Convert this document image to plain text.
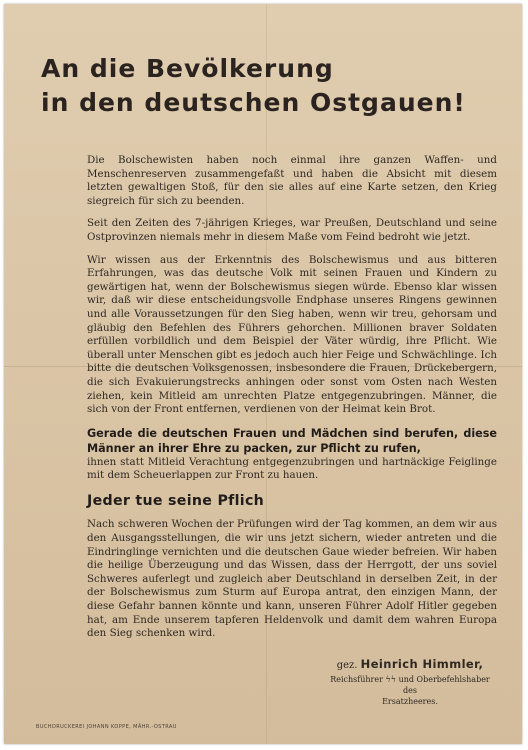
An die Bevölkerung
in den deutschen Ostgauen!

Die Bolschewisten haben noch einmal ihre ganzen Waffen- und Menschenreserven zusammengefaßt und haben die Absicht mit diesem letzten gewaltigen Stoß, für den sie alles auf eine Karte setzen, den Krieg siegreich für sich zu beenden.

Seit den Zeiten des 7-jährigen Krieges, war Preußen, Deutschland und seine Ostprovinzen niemals mehr in diesem Maße vom Feind bedroht wie jetzt.

Wir wissen aus der Erkenntnis des Bolschewismus und aus bitteren Erfahrungen, was das deutsche Volk mit seinen Frauen und Kindern zu gewärtigen hat, wenn der Bolschewismus siegen würde. Ebenso klar wissen wir, daß wir diese entscheidungsvolle Endphase unseres Ringens gewinnen und alle Voraussetzungen für den Sieg haben, wenn wir treu, gehorsam und gläubig den Befehlen des Führers gehorchen. Millionen braver Soldaten erfüllen vorbildlich und dem Beispiel der Väter würdig, ihre Pflicht. Wie überall unter Menschen gibt es jedoch auch hier Feige und Schwächlinge. Ich bitte die deutschen Volksgenossen, insbesondere die Frauen, Drückebergern, die sich Evakuierungstrecks anhingen oder sonst vom Osten nach Westen ziehen, kein Mitleid am unrechten Platze entgegenzubringen. Männer, die sich von der Front entfernen, verdienen von der Heimat kein Brot.

Gerade die deutschen Frauen und Mädchen sind berufen, diese Männer an ihrer Ehre zu packen, zur Pflicht zu rufen,
ihnen statt Mitleid Verachtung entgegenzubringen und hartnäckige Feiglinge mit dem Scheuerlappen zur Front zu hauen.

Jeder tue seine Pflich

Nach schweren Wochen der Prüfungen wird der Tag kommen, an dem wir aus den Ausgangsstellungen, die wir uns jetzt sichern, wieder antreten und die Eindringlinge vernichten und die deutschen Gaue wieder befreien. Wir haben die heilige Überzeugung und das Wissen, dass der Herrgott, der uns soviel Schweres auferlegt und zugleich aber Deutschland in derselben Zeit, in der der Bolschewismus zum Sturm auf Europa antrat, den einzigen Mann, der diese Gefahr bannen könnte und kann, unseren Führer Adolf Hitler gegeben hat, am Ende unserem tapferen Heldenvolk und damit dem wahren Europa den Sieg schenken wird.

gez. Heinrich Himmler,
Reichsführer ϟϟ und Oberbefehlshaber des
Ersatzheeres.
BUCHDRUCKEREI JOHANN KOPPE, MÄHR.-OSTRAU
